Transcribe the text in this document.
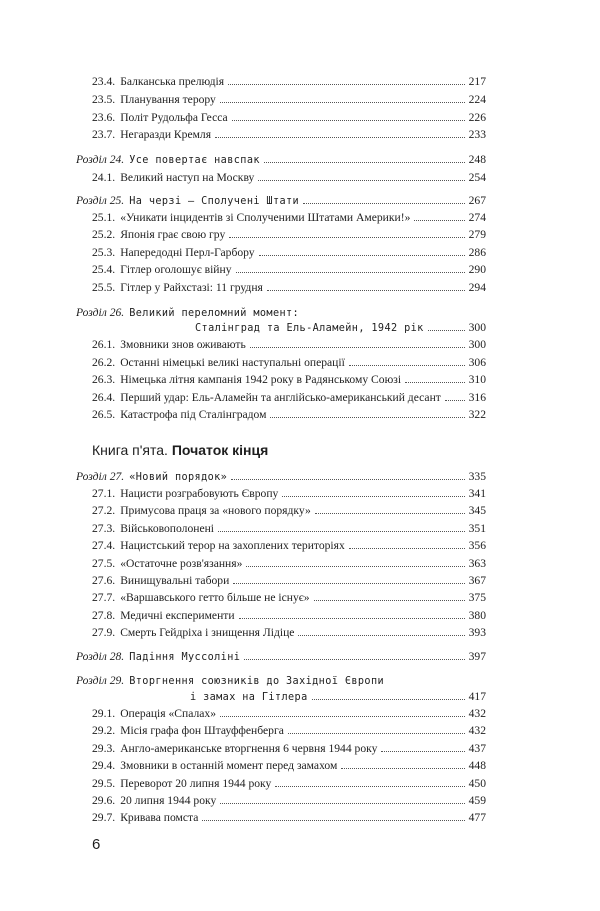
23.4. Балканська прелюдія	217
23.5. Планування терору	224
23.6. Політ Рудольфа Гесса	226
23.7. Негаразди Кремля	233
Розділ 24. Усе повертає навспак	248
24.1. Великий наступ на Москву	254
Розділ 25. На черзі — Сполучені Штати	267
25.1. «Уникати інцидентів зі Сполученими Штатами Америки!»	274
25.2. Японія грає свою гру	279
25.3. Напередодні Перл-Гарбору	286
25.4. Гітлер оголошує війну	290
25.5. Гітлер у Райхстазі: 11 грудня	294
Розділ 26. Великий переломний момент:
Сталінград та Ель-Аламейн, 1942 рік	300
26.1. Змовники знов оживають	300
26.2. Останні німецькі великі наступальні операції	306
26.3. Німецька літня кампанія 1942 року в Радянському Союзі	310
26.4. Перший удар: Ель-Аламейн та англійсько-американський десант 316
26.5. Катастрофа під Сталінградом	322
Книга п'ята. Початок кінця
Розділ 27. «Новий порядок»	335
27.1. Нацисти розграбовують Європу	341
27.2. Примусова праця за «нового порядку»	345
27.3. Військовополонені	351
27.4. Нацистський терор на захоплених територіях	356
27.5. «Остаточне розв'язання»	363
27.6. Винищувальні табори	367
27.7. «Варшавського гетто більше не існує»	375
27.8. Медичні експерименти	380
27.9. Смерть Гейдріха і знищення Лідіце	393
Розділ 28. Падіння Муссоліні	397
Розділ 29. Вторгнення союзників до Західної Європи
і замах на Гітлера	417
29.1. Операція «Спалах»	432
29.2. Місія графа фон Штауффенберга	432
29.3. Англо-американське вторгнення 6 червня 1944 року	437
29.4. Змовники в останній момент перед замахом	448
29.5. Переворот 20 липня 1944 року	450
29.6. 20 липня 1944 року	459
29.7. Кривава помста	477
6
